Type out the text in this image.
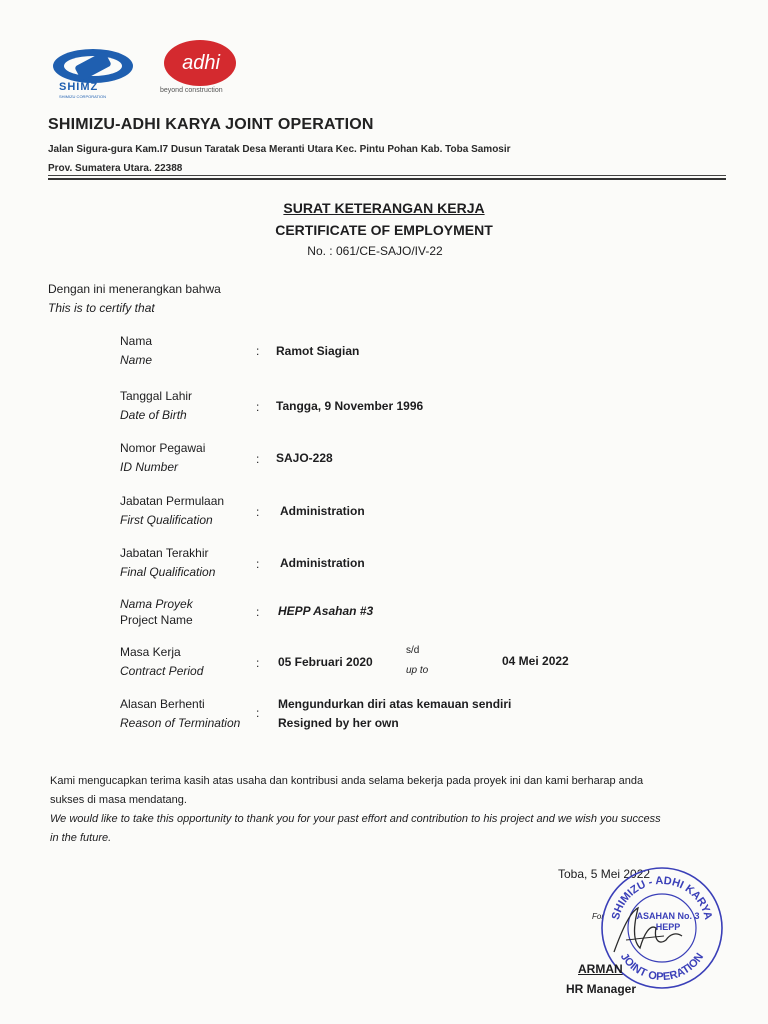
SHIMZ
SHIMIZU CORPORATION
adhi
beyond construction
SHIMIZU-ADHI KARYA JOINT OPERATION
Jalan Sigura-gura Kam.I7 Dusun Taratak Desa Meranti Utara Kec. Pintu Pohan Kab. Toba Samosir
Prov. Sumatera Utara. 22388
SURAT KETERANGAN KERJA
CERTIFICATE OF EMPLOYMENT
No. : 061/CE-SAJO/IV-22
Dengan ini menerangkan bahwa
This is to certify that
Nama
Name
: Ramot Siagian
Tanggal Lahir
Date of Birth
: Tangga, 9 November 1996
Nomor Pegawai
ID Number
: SAJO-228
Jabatan Permulaan
First Qualification
: Administration
Jabatan Terakhir
Final Qualification
: Administration
Nama Proyek
Project Name
: HEPP Asahan #3
Masa Kerja
Contract Period
: 05 Februari 2020
s/d
up to
04 Mei 2022
Alasan Berhenti
Reason of Termination
:
Mengundurkan diri atas kemauan sendiri
Resigned by her own
Kami mengucapkan terima kasih atas usaha dan kontribusi anda selama bekerja pada proyek ini dan kami berharap anda
sukses di masa mendatang.
We would like to take this opportunity to thank you for your past effort and contribution to his project and we wish you success
in the future.
Toba, 5 Mei 2022
For SHIMIZU - ADHI KARYA
JOINT OPERATION
ASAHAN No. 3
HEPP
ARMAN
HR Manager
